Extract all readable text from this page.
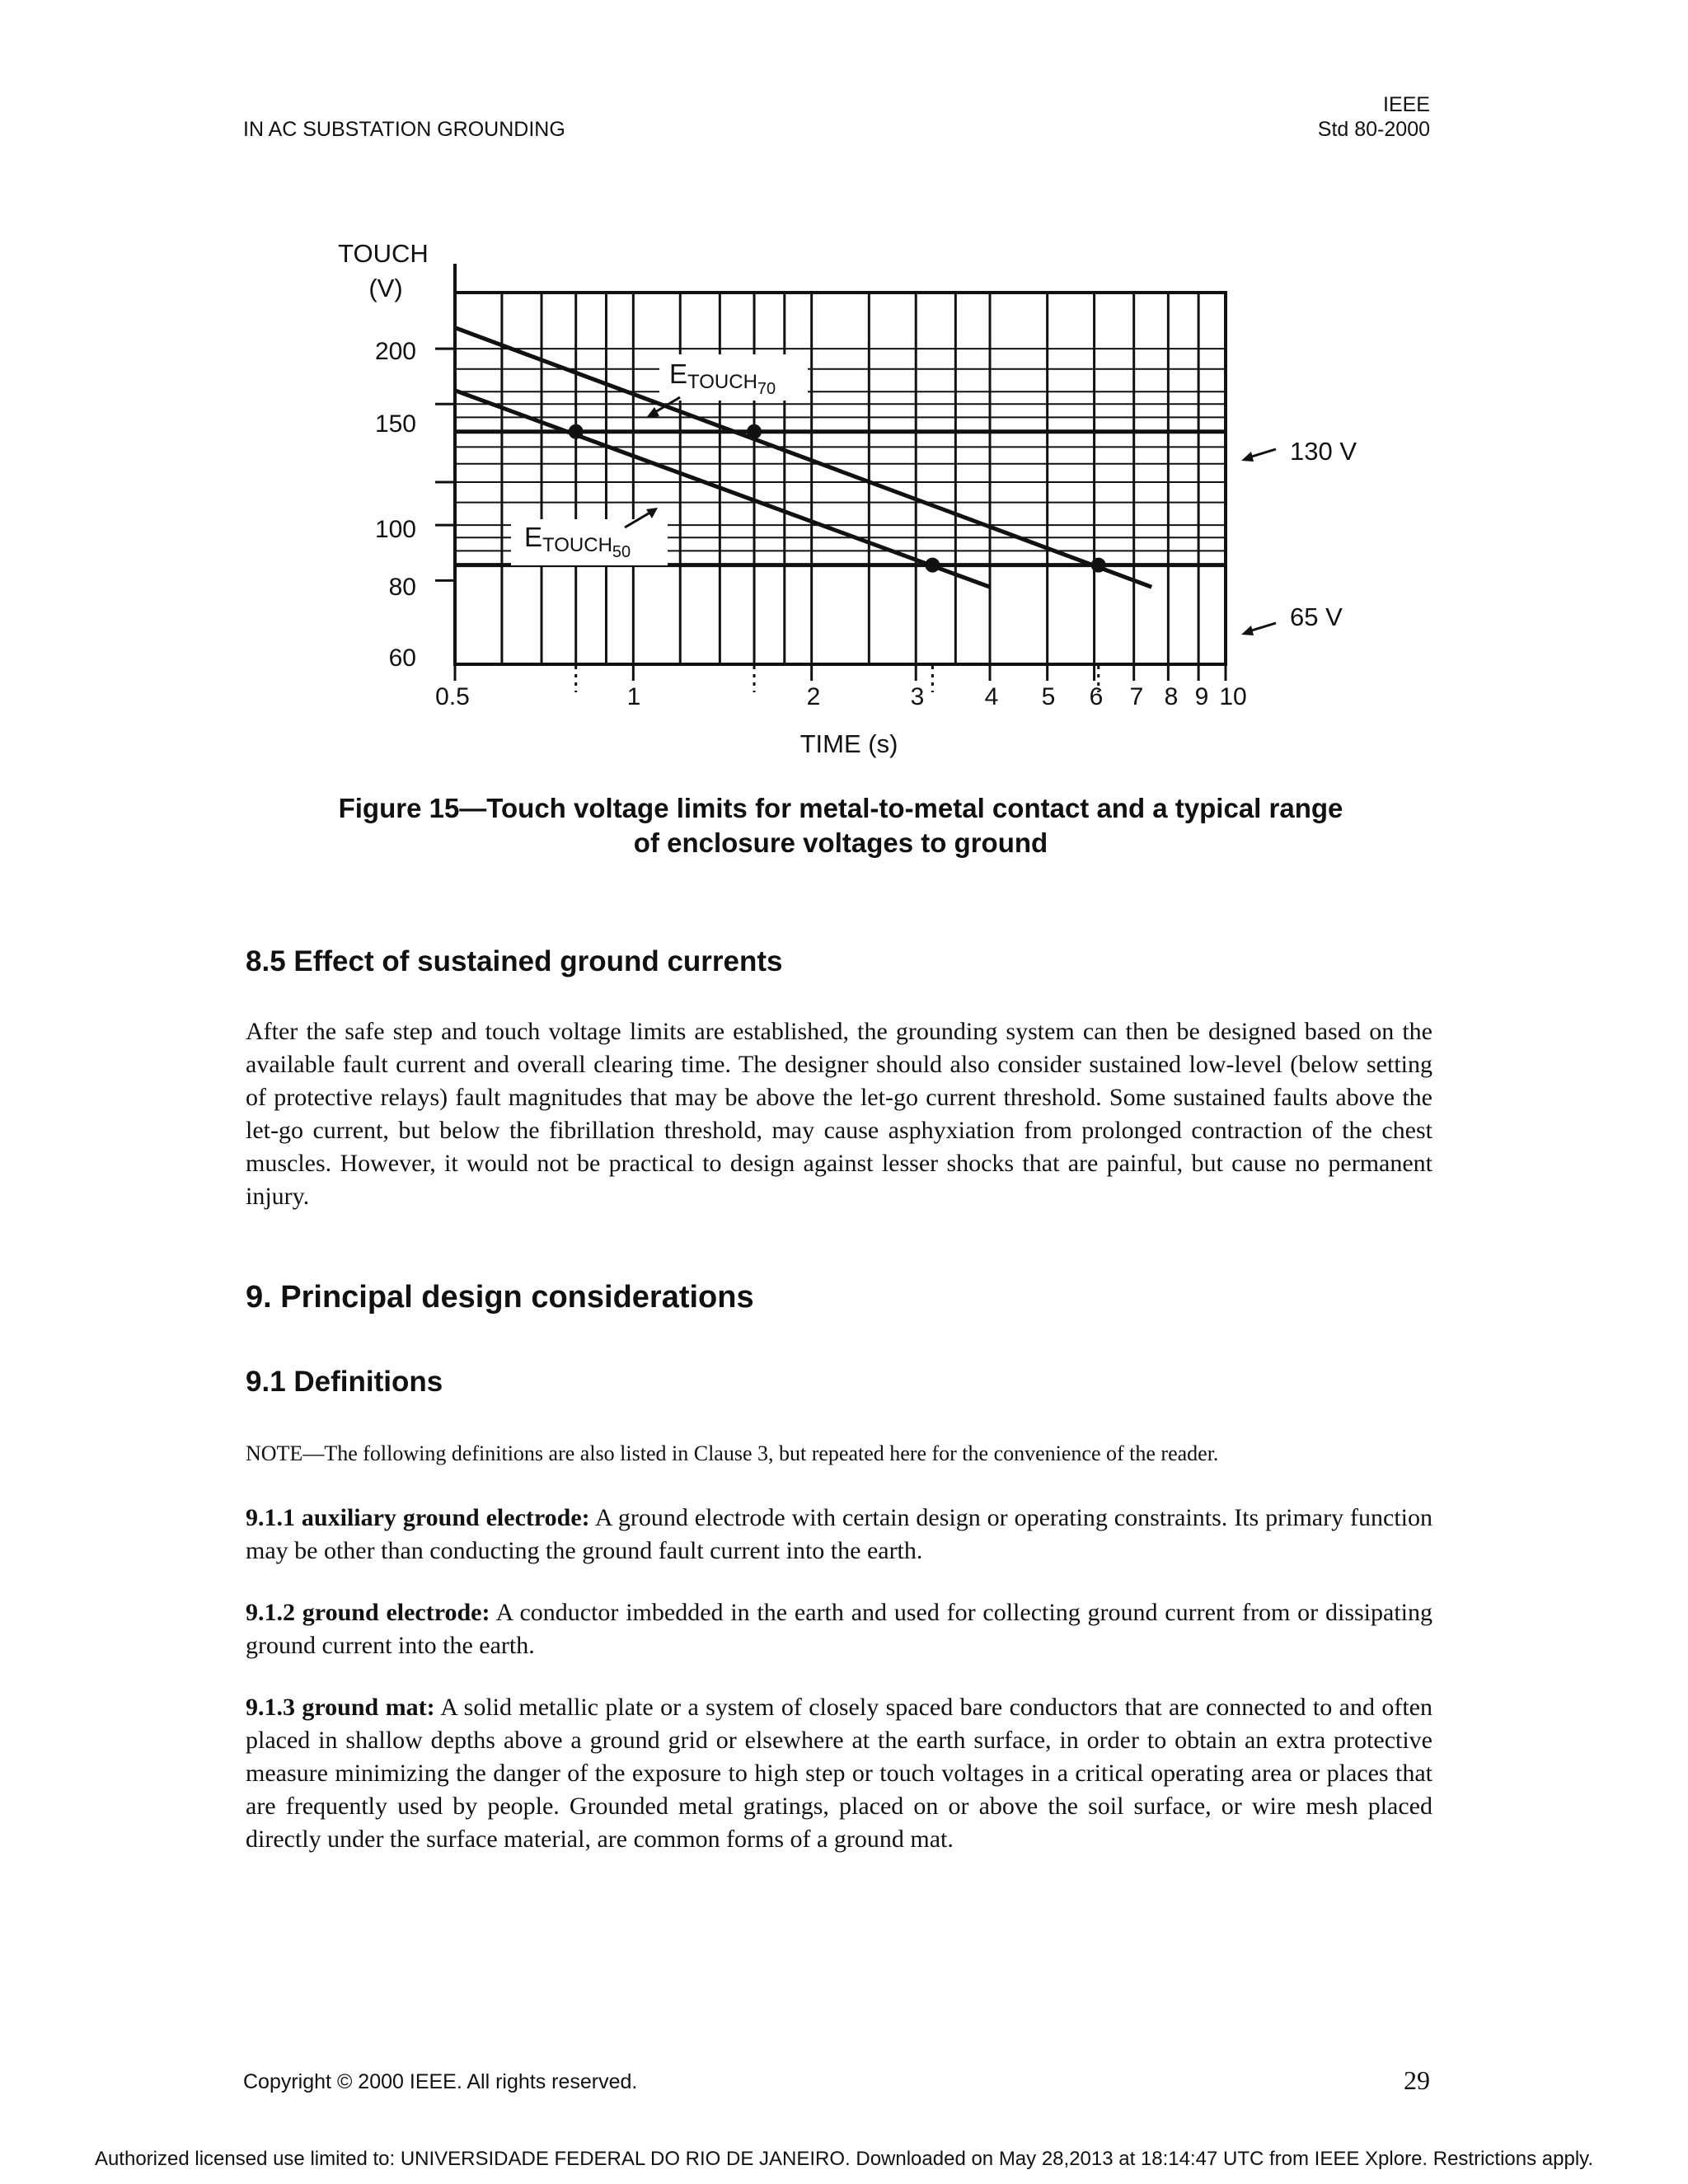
IN AC SUBSTATION GROUNDING
IEEE
Std 80-2000
TOUCH
(V)
TIME (s)
200
150
100
80
60
0.5	1	2	3 4 5 6 7 8 9 10
$ETOUCH_{70}$
$ETOUCH_{50}$
130 V
65 V
Figure 15—Touch voltage limits for metal-to-metal contact and a typical range
of enclosure voltages to ground
8.5 Effect of sustained ground currents

After the safe step and touch voltage limits are established, the grounding system can then be designed based on the available fault current and overall clearing time. The designer should also consider sustained low-level (below setting of protective relays) fault magnitudes that may be above the let-go current threshold. Some sustained faults above the let-go current, but below the fibrillation threshold, may cause asphyxiation from prolonged contraction of the chest muscles. However, it would not be practical to design against lesser shocks that are painful, but cause no permanent injury.

9. Principal design considerations
9.1 Definitions

NOTE—The following definitions are also listed in Clause 3, but repeated here for the convenience of the reader.

9.1.1 auxiliary ground electrode: A ground electrode with certain design or operating constraints. Its primary function may be other than conducting the ground fault current into the earth.

9.1.2 ground electrode: A conductor imbedded in the earth and used for collecting ground current from or dissipating ground current into the earth.

9.1.3 ground mat: A solid metallic plate or a system of closely spaced bare conductors that are connected to and often placed in shallow depths above a ground grid or elsewhere at the earth surface, in order to obtain an extra protective measure minimizing the danger of the exposure to high step or touch voltages in a critical operating area or places that are frequently used by people. Grounded metal gratings, placed on or above the soil surface, or wire mesh placed directly under the surface material, are common forms of a ground mat.

Copyright © 2000 IEEE. All rights reserved.	29
Authorized licensed use limited to: UNIVERSIDADE FEDERAL DO RIO DE JANEIRO. Downloaded on May 28,2013 at 18:14:47 UTC from IEEE Xplore. Restrictions apply.
